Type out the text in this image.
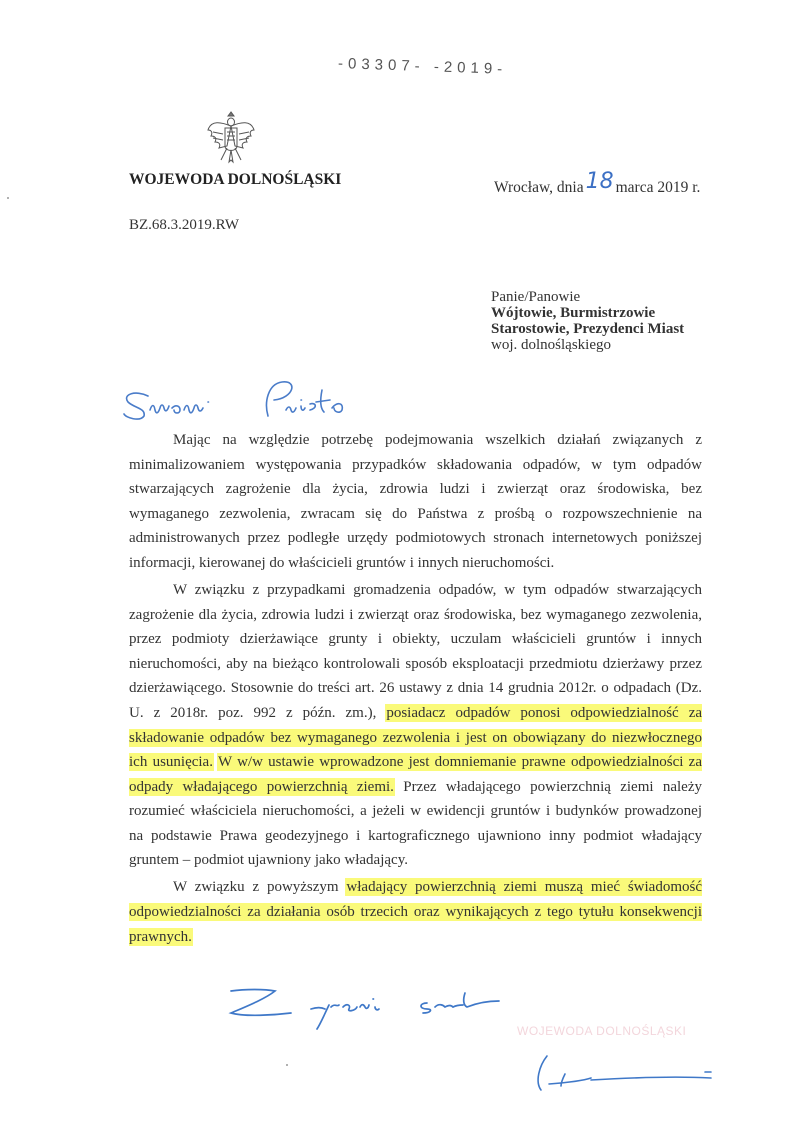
-03307- -2019-
WOJEWODA DOLNOŚLĄSKI	Wrocław, dnia18 marca 2019 r.
BZ.68.3.2019.RW
Panie/Panowie
Wójtowie, Burmistrzowie
Starostowie, Prezydenci Miast
woj. dolnośląskiego

Mając na względzie potrzebę podejmowania wszelkich działań związanych z minimalizowaniem występowania przypadków składowania odpadów, w tym odpadów stwarzających zagrożenie dla życia, zdrowia ludzi i zwierząt oraz środowiska, bez wymaganego zezwolenia, zwracam się do Państwa z prośbą o rozpowszechnienie na administrowanych przez podległe urzędy podmiotowych stronach internetowych poniższej informacji, kierowanej do właścicieli gruntów i innych nieruchomości.

W związku z przypadkami gromadzenia odpadów, w tym odpadów stwarzających zagrożenie dla życia, zdrowia ludzi i zwierząt oraz środowiska, bez wymaganego zezwolenia, przez podmioty dzierżawiące grunty i obiekty, uczulam właścicieli gruntów i innych nieruchomości, aby na bieżąco kontrolowali sposób eksploatacji przedmiotu dzierżawy przez dzierżawiącego. Stosownie do treści art. 26 ustawy z dnia 14 grudnia 2012r. o odpadach (Dz. U. z 2018r. poz. 992 z późn. zm.), posiadacz odpadów ponosi odpowiedzialność za składowanie odpadów bez wymaganego zezwolenia i jest on obowiązany do niezwłocznego ich usunięcia. W w/w ustawie wprowadzone jest domniemanie prawne odpowiedzialności za odpady władającego powierzchnią ziemi. Przez władającego powierzchnią ziemi należy rozumieć właściciela nieruchomości, a jeżeli w ewidencji gruntów i budynków prowadzonej na podstawie Prawa geodezyjnego i kartograficznego ujawniono inny podmiot władający gruntem – podmiot ujawniony jako władający.

W związku z powyższym władający powierzchnią ziemi muszą mieć świadomość odpowiedzialności za działania osób trzecich oraz wynikających z tego tytułu konsekwencji prawnych.

WOJEWODA DOLNOŚLĄSKI
